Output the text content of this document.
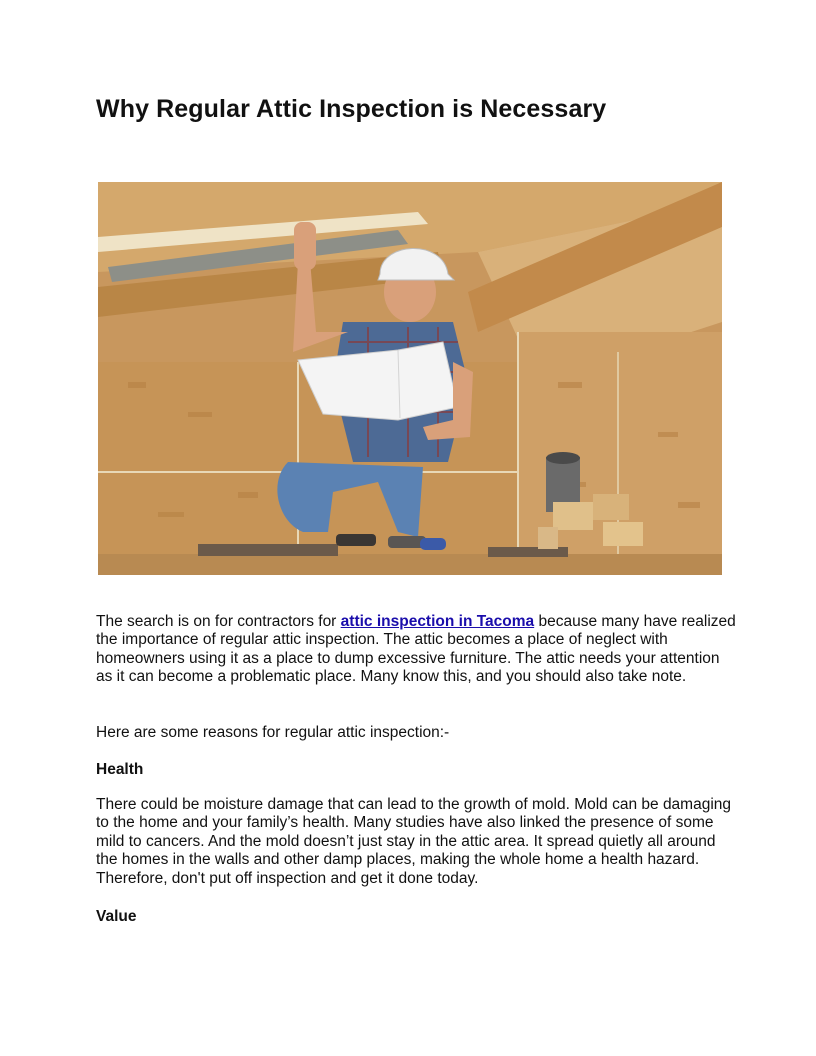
Why Regular Attic Inspection is Necessary

The search is on for contractors for attic inspection in Tacoma because many have realized the importance of regular attic inspection. The attic becomes a place of neglect with homeowners using it as a place to dump excessive furniture. The attic needs your attention as it can become a problematic place. Many know this, and you should also take note.

Here are some reasons for regular attic inspection:-

Health

There could be moisture damage that can lead to the growth of mold. Mold can be damaging to the home and your family’s health. Many studies have also linked the presence of some mild to cancers. And the mold doesn’t just stay in the attic area. It spread quietly all around the homes in the walls and other damp places, making the whole home a health hazard. Therefore, don't put off inspection and get it done today.

Value
